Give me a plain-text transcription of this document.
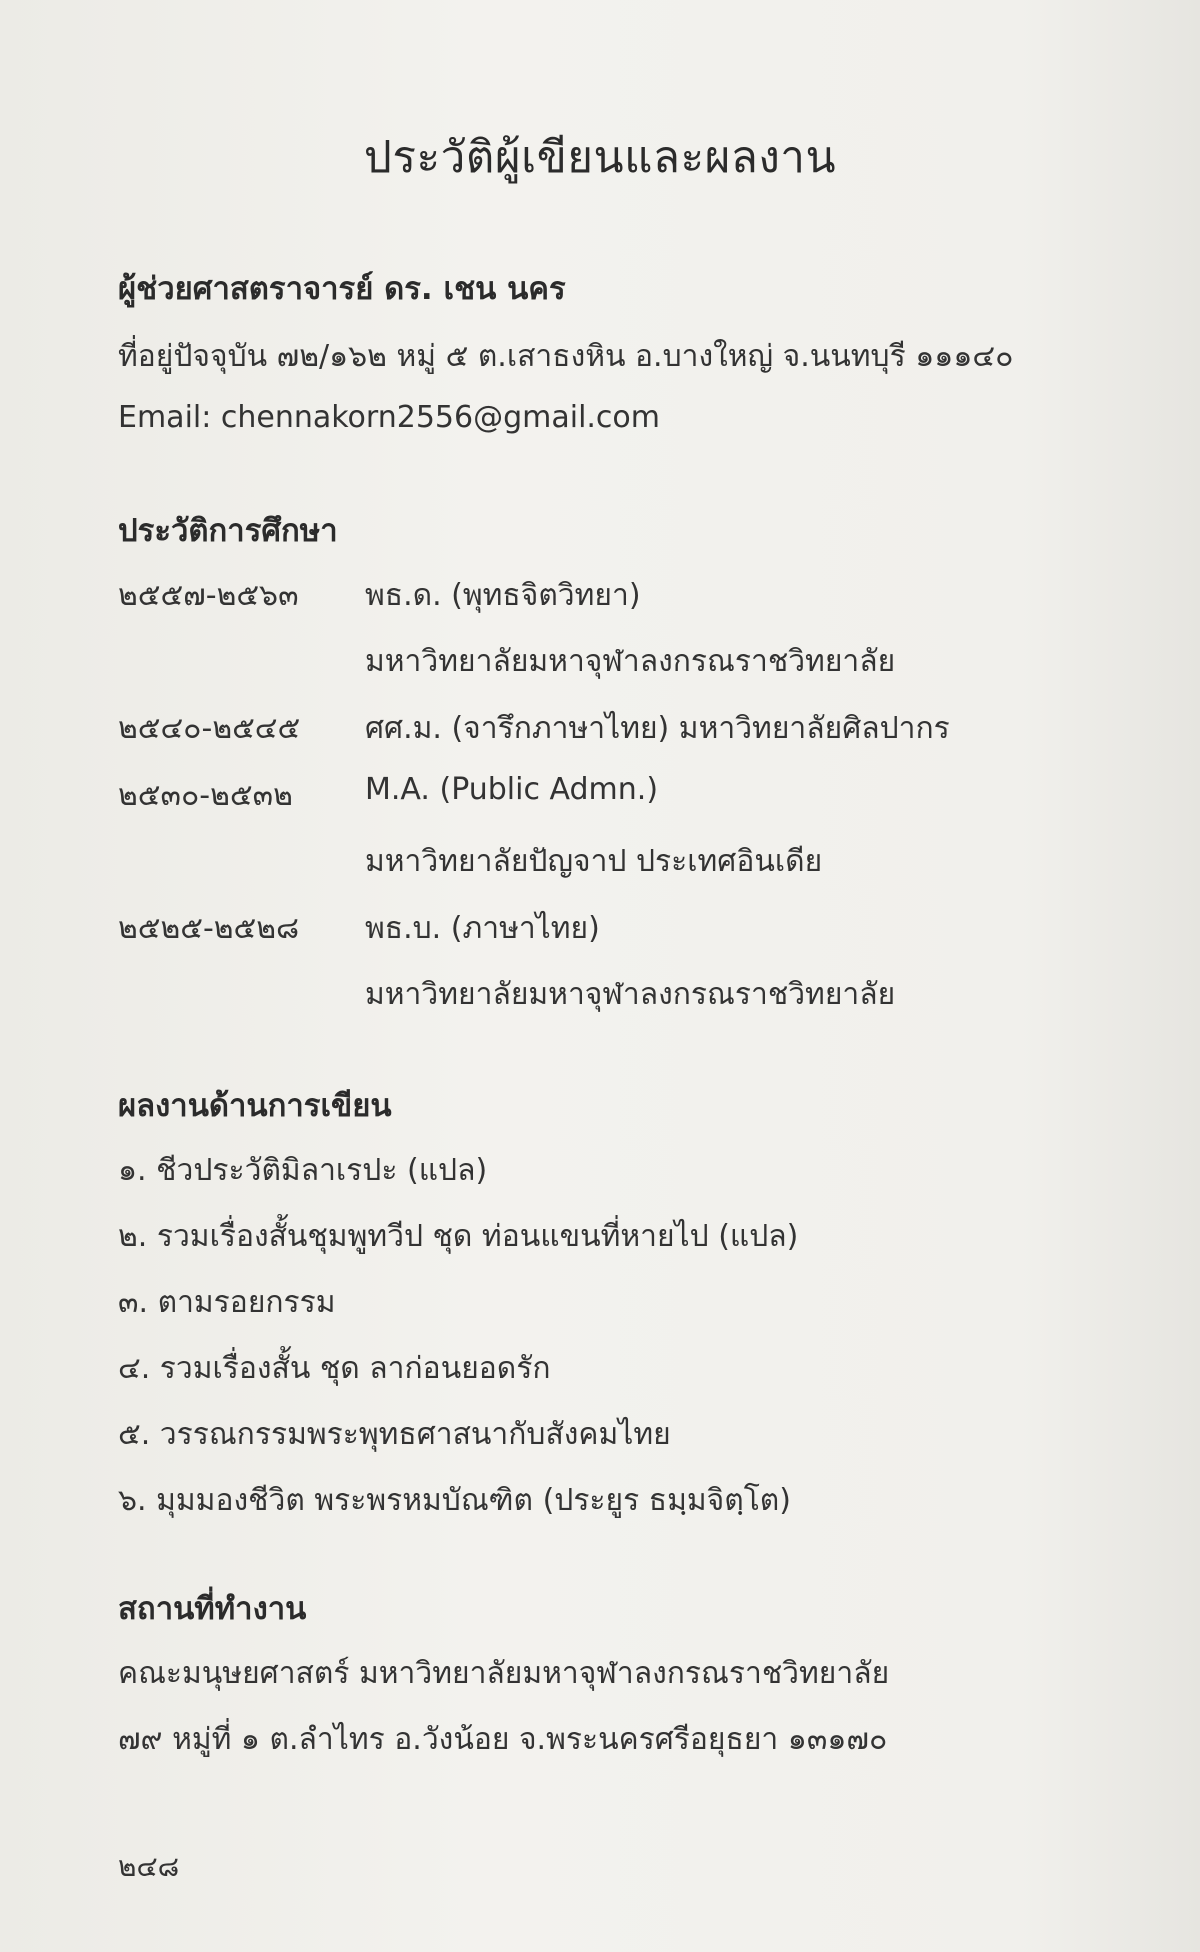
ประวัติผู้เขียนและผลงาน
ผู้ช่วยศาสตราจารย์ ดร. เชน นคร
ที่อยู่ปัจจุบัน ๗๒/๑๖๒ หมู่ ๕ ต.เสาธงหิน อ.บางใหญ่ จ.นนทบุรี ๑๑๑๔๐
Email: chennakorn2556@gmail.com
ประวัติการศึกษา
๒๕๕๗-๒๕๖๓ พธ.ด. (พุทธจิตวิทยา)
มหาวิทยาลัยมหาจุฬาลงกรณราชวิทยาลัย
๒๕๔๐-๒๕๔๕ ศศ.ม. (จารึกภาษาไทย) มหาวิทยาลัยศิลปากร
๒๕๓๐-๒๕๓๒ M.A. (Public Admn.)
มหาวิทยาลัยปัญจาป ประเทศอินเดีย
๒๕๒๕-๒๕๒๘ พธ.บ. (ภาษาไทย)
มหาวิทยาลัยมหาจุฬาลงกรณราชวิทยาลัย
ผลงานด้านการเขียน
๑. ชีวประวัติมิลาเรปะ (แปล)
๒. รวมเรื่องสั้นชุมพูทวีป ชุด ท่อนแขนที่หายไป (แปล)
๓. ตามรอยกรรม
๔. รวมเรื่องสั้น ชุด ลาก่อนยอดรัก
๕. วรรณกรรมพระพุทธศาสนากับสังคมไทย
๖. มุมมองชีวิต พระพรหมบัณฑิต (ประยูร ธมฺมจิตฺโต)
สถานที่ทำงาน
คณะมนุษยศาสตร์ มหาวิทยาลัยมหาจุฬาลงกรณราชวิทยาลัย
๗๙ หมู่ที่ ๑ ต.ลำไทร อ.วังน้อย จ.พระนครศรีอยุธยา ๑๓๑๗๐
๒๔๘
